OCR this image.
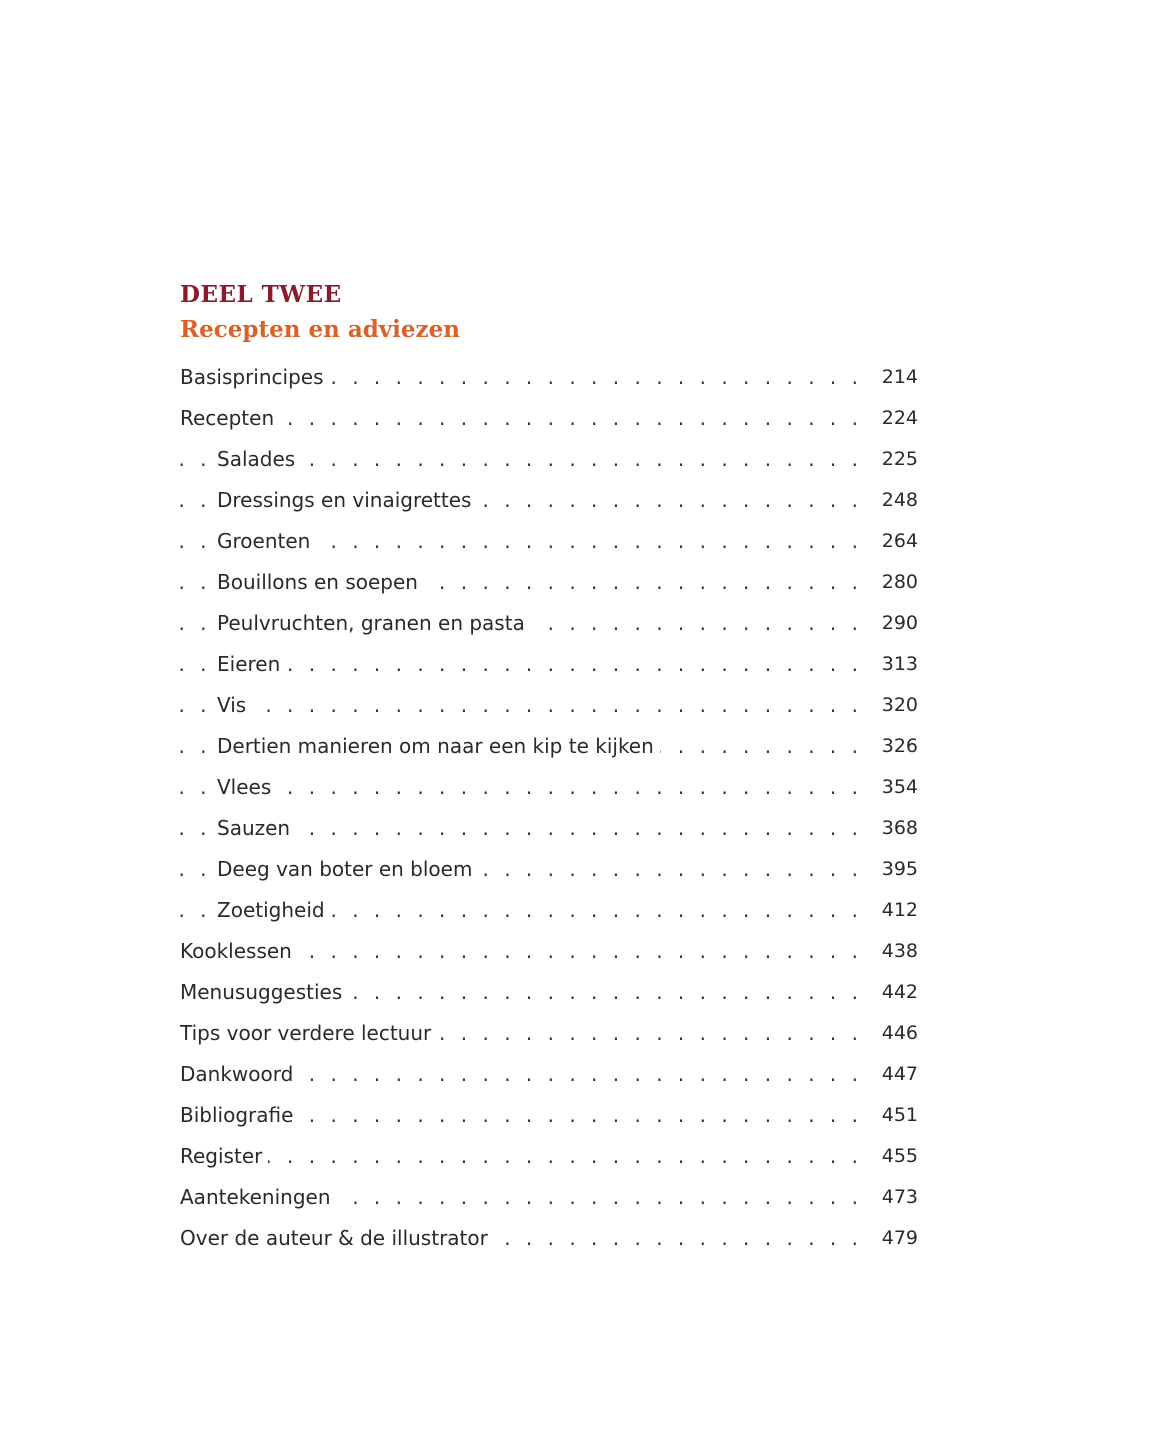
DEEL TWEE
Recepten en adviezen
Basisprincipes . . .	214
Recepten . . .	224
Salades . . .	225
Dressings en vinaigrettes . . .	248
Groenten . . .	264
Bouillons en soepen . . .	280
Peulvruchten, granen en pasta . . .	290
Eieren . . .	313
Vis . . .	320
Dertien manieren om naar een kip te kijken . . .	326
Vlees . . .	354
Sauzen . . .	368
Deeg van boter en bloem . . .	395
Zoetigheid . . .	412
Kooklessen . . .	438
Menusuggesties . . .	442
Tips voor verdere lectuur . . .	446
Dankwoord . . .	447
Bibliografie . . .	451
Register . . .	455
Aantekeningen . . .	473
Over de auteur & de illustrator . . .	479
